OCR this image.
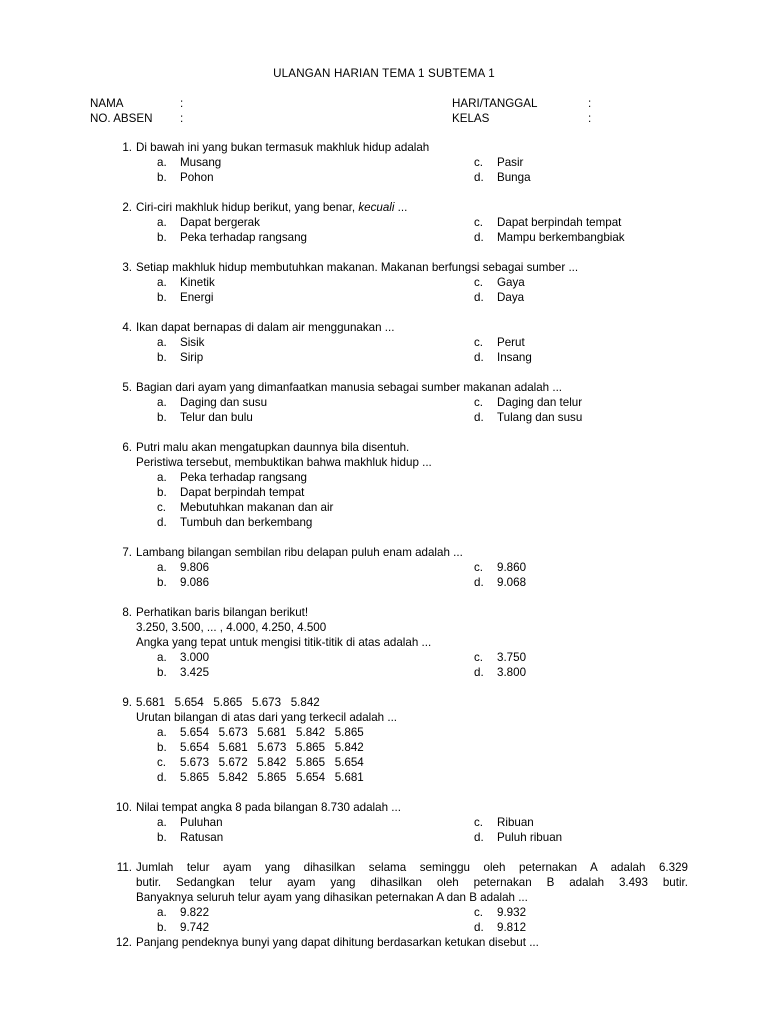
ULANGAN HARIAN TEMA 1 SUBTEMA 1
NAMA	:	HARI/TANGGAL	:
NO. ABSEN :	KELAS	:
1. Di bawah ini yang bukan termasuk makhluk hidup adalah
a. Musang	c. Pasir
b. Pohon	d. Bunga
2. Ciri-ciri makhluk hidup berikut, yang benar, kecuali ...
a. Dapat bergerak	c. Dapat berpindah tempat
b. Peka terhadap rangsang	d. Mampu berkembangbiak
3. Setiap makhluk hidup membutuhkan makanan. Makanan berfungsi sebagai sumber ...
a. Kinetik	c. Gaya
b. Energi	d. Daya
4. Ikan dapat bernapas di dalam air menggunakan ...
a. Sisik	c. Perut
b. Sirip	d. Insang
5. Bagian dari ayam yang dimanfaatkan manusia sebagai sumber makanan adalah ...
a. Daging dan susu	c. Daging dan telur
b. Telur dan bulu	d. Tulang dan susu
6. Putri malu akan mengatupkan daunnya bila disentuh.
Peristiwa tersebut, membuktikan bahwa makhluk hidup ...
a. Peka terhadap rangsang
b. Dapat berpindah tempat
c. Mebutuhkan makanan dan air
d. Tumbuh dan berkembang
7. Lambang bilangan sembilan ribu delapan puluh enam adalah ...
a. 9.806	c. 9.860
b. 9.086	d. 9.068
8. Perhatikan baris bilangan berikut!
3.250, 3.500, ... , 4.000, 4.250, 4.500
Angka yang tepat untuk mengisi titik-titik di atas adalah ...
a. 3.000	c. 3.750
b. 3.425	d. 3.800
9. 5.681   5.654   5.865   5.673   5.842
Urutan bilangan di atas dari yang terkecil adalah ...
a. 5.654   5.673   5.681   5.842   5.865
b. 5.654   5.681   5.673   5.865   5.842
c. 5.673   5.672   5.842   5.865   5.654
d. 5.865   5.842   5.865   5.654   5.681
10. Nilai tempat angka 8 pada bilangan 8.730 adalah ...
a. Puluhan	c. Ribuan
b. Ratusan	d. Puluh ribuan
11. Jumlah telur ayam yang dihasilkan selama seminggu oleh peternakan A adalah 6.329
butir. Sedangkan telur ayam yang dihasilkan oleh peternakan B adalah 3.493 butir.
Banyaknya seluruh telur ayam yang dihasikan peternakan A dan B adalah ...
a. 9.822	c. 9.932
b. 9.742	d. 9.812
12. Panjang pendeknya bunyi yang dapat dihitung berdasarkan ketukan disebut ...
